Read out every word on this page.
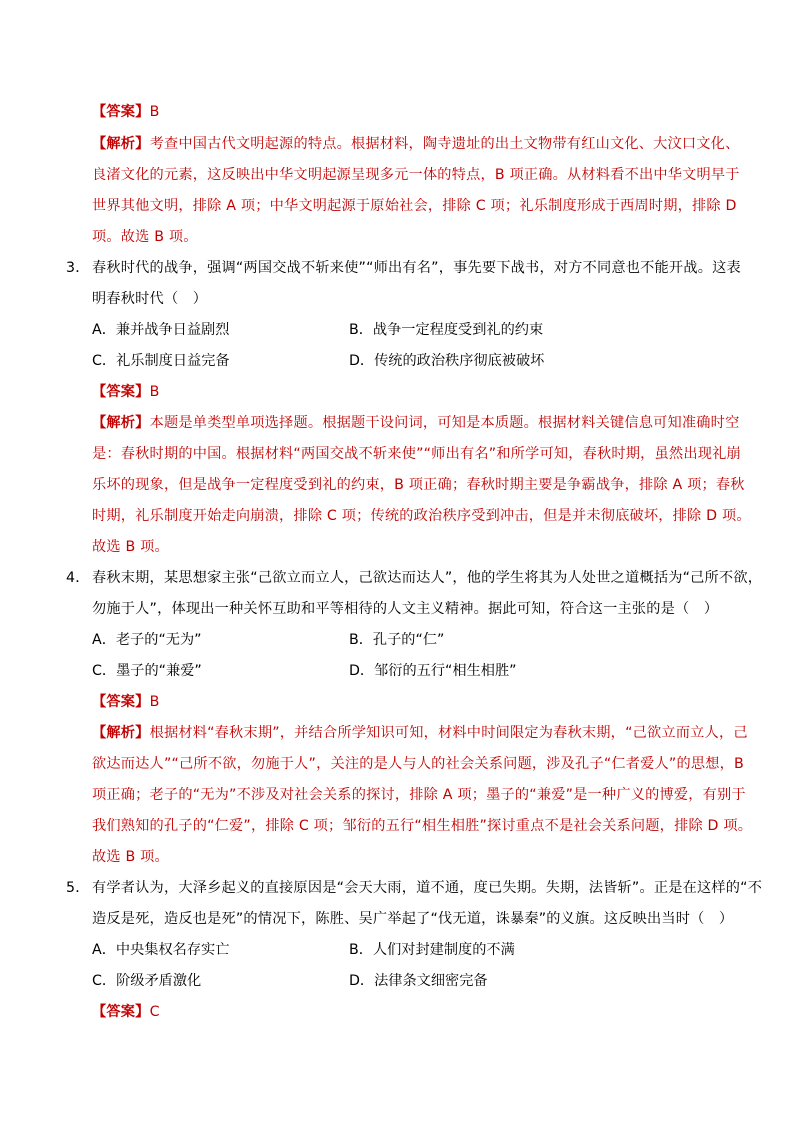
【答案】B
【解析】考查中国古代文明起源的特点。根据材料，陶寺遗址的出土文物带有红山文化、大汶口文化、
良渚文化的元素，这反映出中华文明起源呈现多元一体的特点，B 项正确。从材料看不出中华文明早于
世界其他文明，排除 A 项；中华文明起源于原始社会，排除 C 项；礼乐制度形成于西周时期，排除 D
项。故选 B 项。
3． 春秋时代的战争，强调“两国交战不斩来使”“师出有名”，事先要下战书，对方不同意也不能开战。这表
明春秋时代（　）
A．兼并战争日益剧烈	B．战争一定程度受到礼的约束
C．礼乐制度日益完备	D．传统的政治秩序彻底被破坏
【答案】B
【解析】本题是单类型单项选择题。根据题干设问词，可知是本质题。根据材料关键信息可知准确时空
是：春秋时期的中国。根据材料“两国交战不斩来使”“师出有名”和所学可知，春秋时期，虽然出现礼崩
乐坏的现象，但是战争一定程度受到礼的约束，B 项正确；春秋时期主要是争霸战争，排除 A 项；春秋
时期，礼乐制度开始走向崩溃，排除 C 项；传统的政治秩序受到冲击，但是并未彻底破坏，排除 D 项。
故选 B 项。
4． 春秋末期，某思想家主张“己欲立而立人，己欲达而达人”，他的学生将其为人处世之道概括为“己所不欲，
勿施于人”，体现出一种关怀互助和平等相待的人文主义精神。据此可知，符合这一主张的是（　）
A．老子的“无为”	B．孔子的“仁”
C．墨子的“兼爱”	D．邹衍的五行“相生相胜”
【答案】B
【解析】根据材料“春秋末期”，并结合所学知识可知，材料中时间限定为春秋末期，“己欲立而立人，己
欲达而达人”“己所不欲，勿施于人”，关注的是人与人的社会关系问题，涉及孔子“仁者爱人”的思想，B
项正确；老子的“无为”不涉及对社会关系的探讨，排除 A 项；墨子的“兼爱”是一种广义的博爱，有别于
我们熟知的孔子的“仁爱”，排除 C 项；邹衍的五行“相生相胜”探讨重点不是社会关系问题，排除 D 项。
故选 B 项。
5． 有学者认为，大泽乡起义的直接原因是“会天大雨，道不通，度已失期。失期，法皆斩”。正是在这样的“不
造反是死，造反也是死”的情况下，陈胜、吴广举起了“伐无道，诛暴秦”的义旗。这反映出当时（　）
A．中央集权名存实亡	B．人们对封建制度的不满
C．阶级矛盾激化	D．法律条文细密完备
【答案】C
